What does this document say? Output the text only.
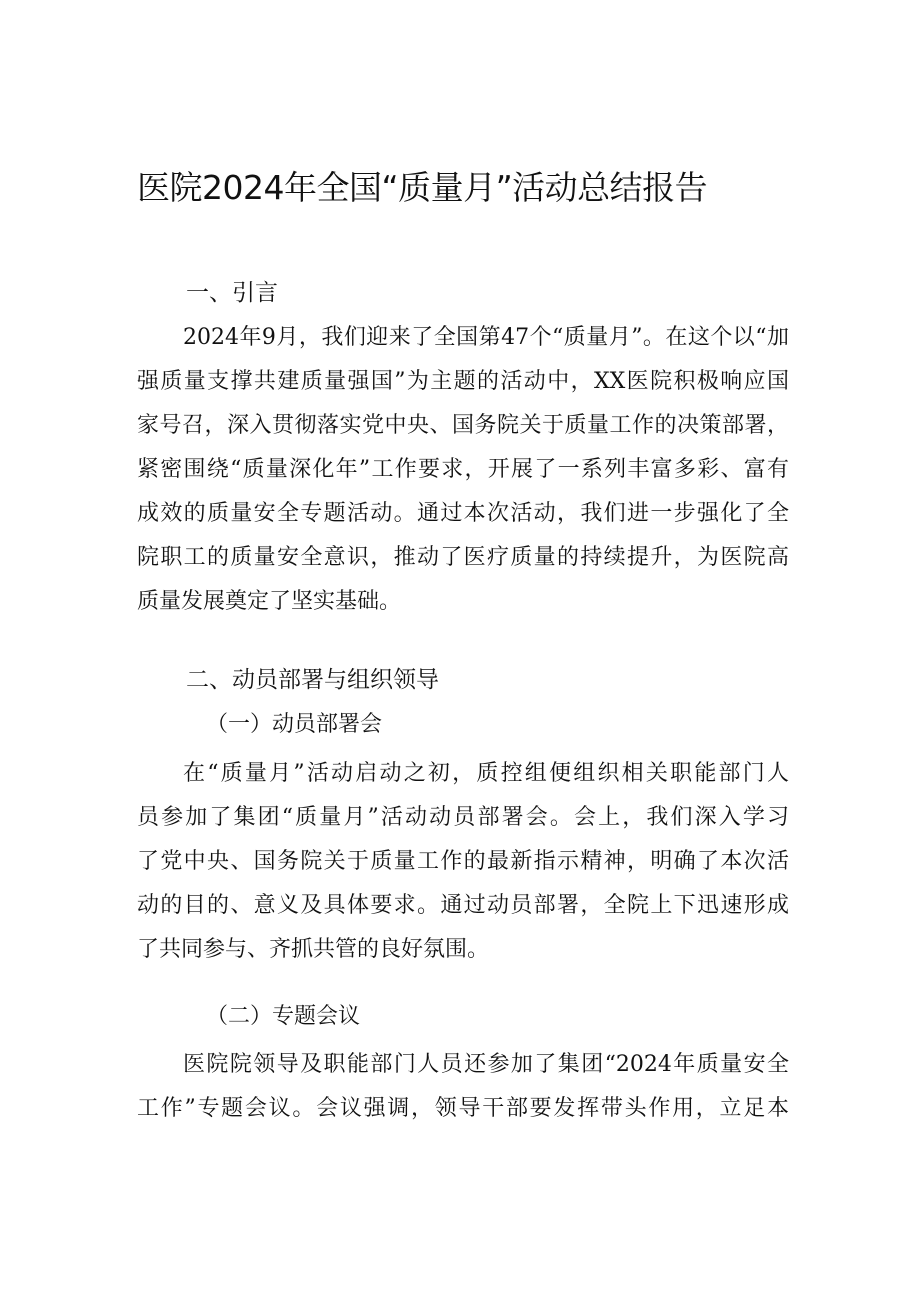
医院2024年全国“质量月”活动总结报告
一、引言
2024年9月，我们迎来了全国第47个“质量月”。在这个以“加
强质量支撑共建质量强国”为主题的活动中，XX医院积极响应国
家号召，深入贯彻落实党中央、国务院关于质量工作的决策部署，
紧密围绕“质量深化年”工作要求，开展了一系列丰富多彩、富有
成效的质量安全专题活动。通过本次活动，我们进一步强化了全
院职工的质量安全意识，推动了医疗质量的持续提升，为医院高
质量发展奠定了坚实基础。
二、动员部署与组织领导
（一）动员部署会
在“质量月”活动启动之初，质控组便组织相关职能部门人
员参加了集团“质量月”活动动员部署会。会上，我们深入学习
了党中央、国务院关于质量工作的最新指示精神，明确了本次活
动的目的、意义及具体要求。通过动员部署，全院上下迅速形成
了共同参与、齐抓共管的良好氛围。
（二）专题会议
医院院领导及职能部门人员还参加了集团“2024年质量安全
工作”专题会议。会议强调，领导干部要发挥带头作用，立足本
